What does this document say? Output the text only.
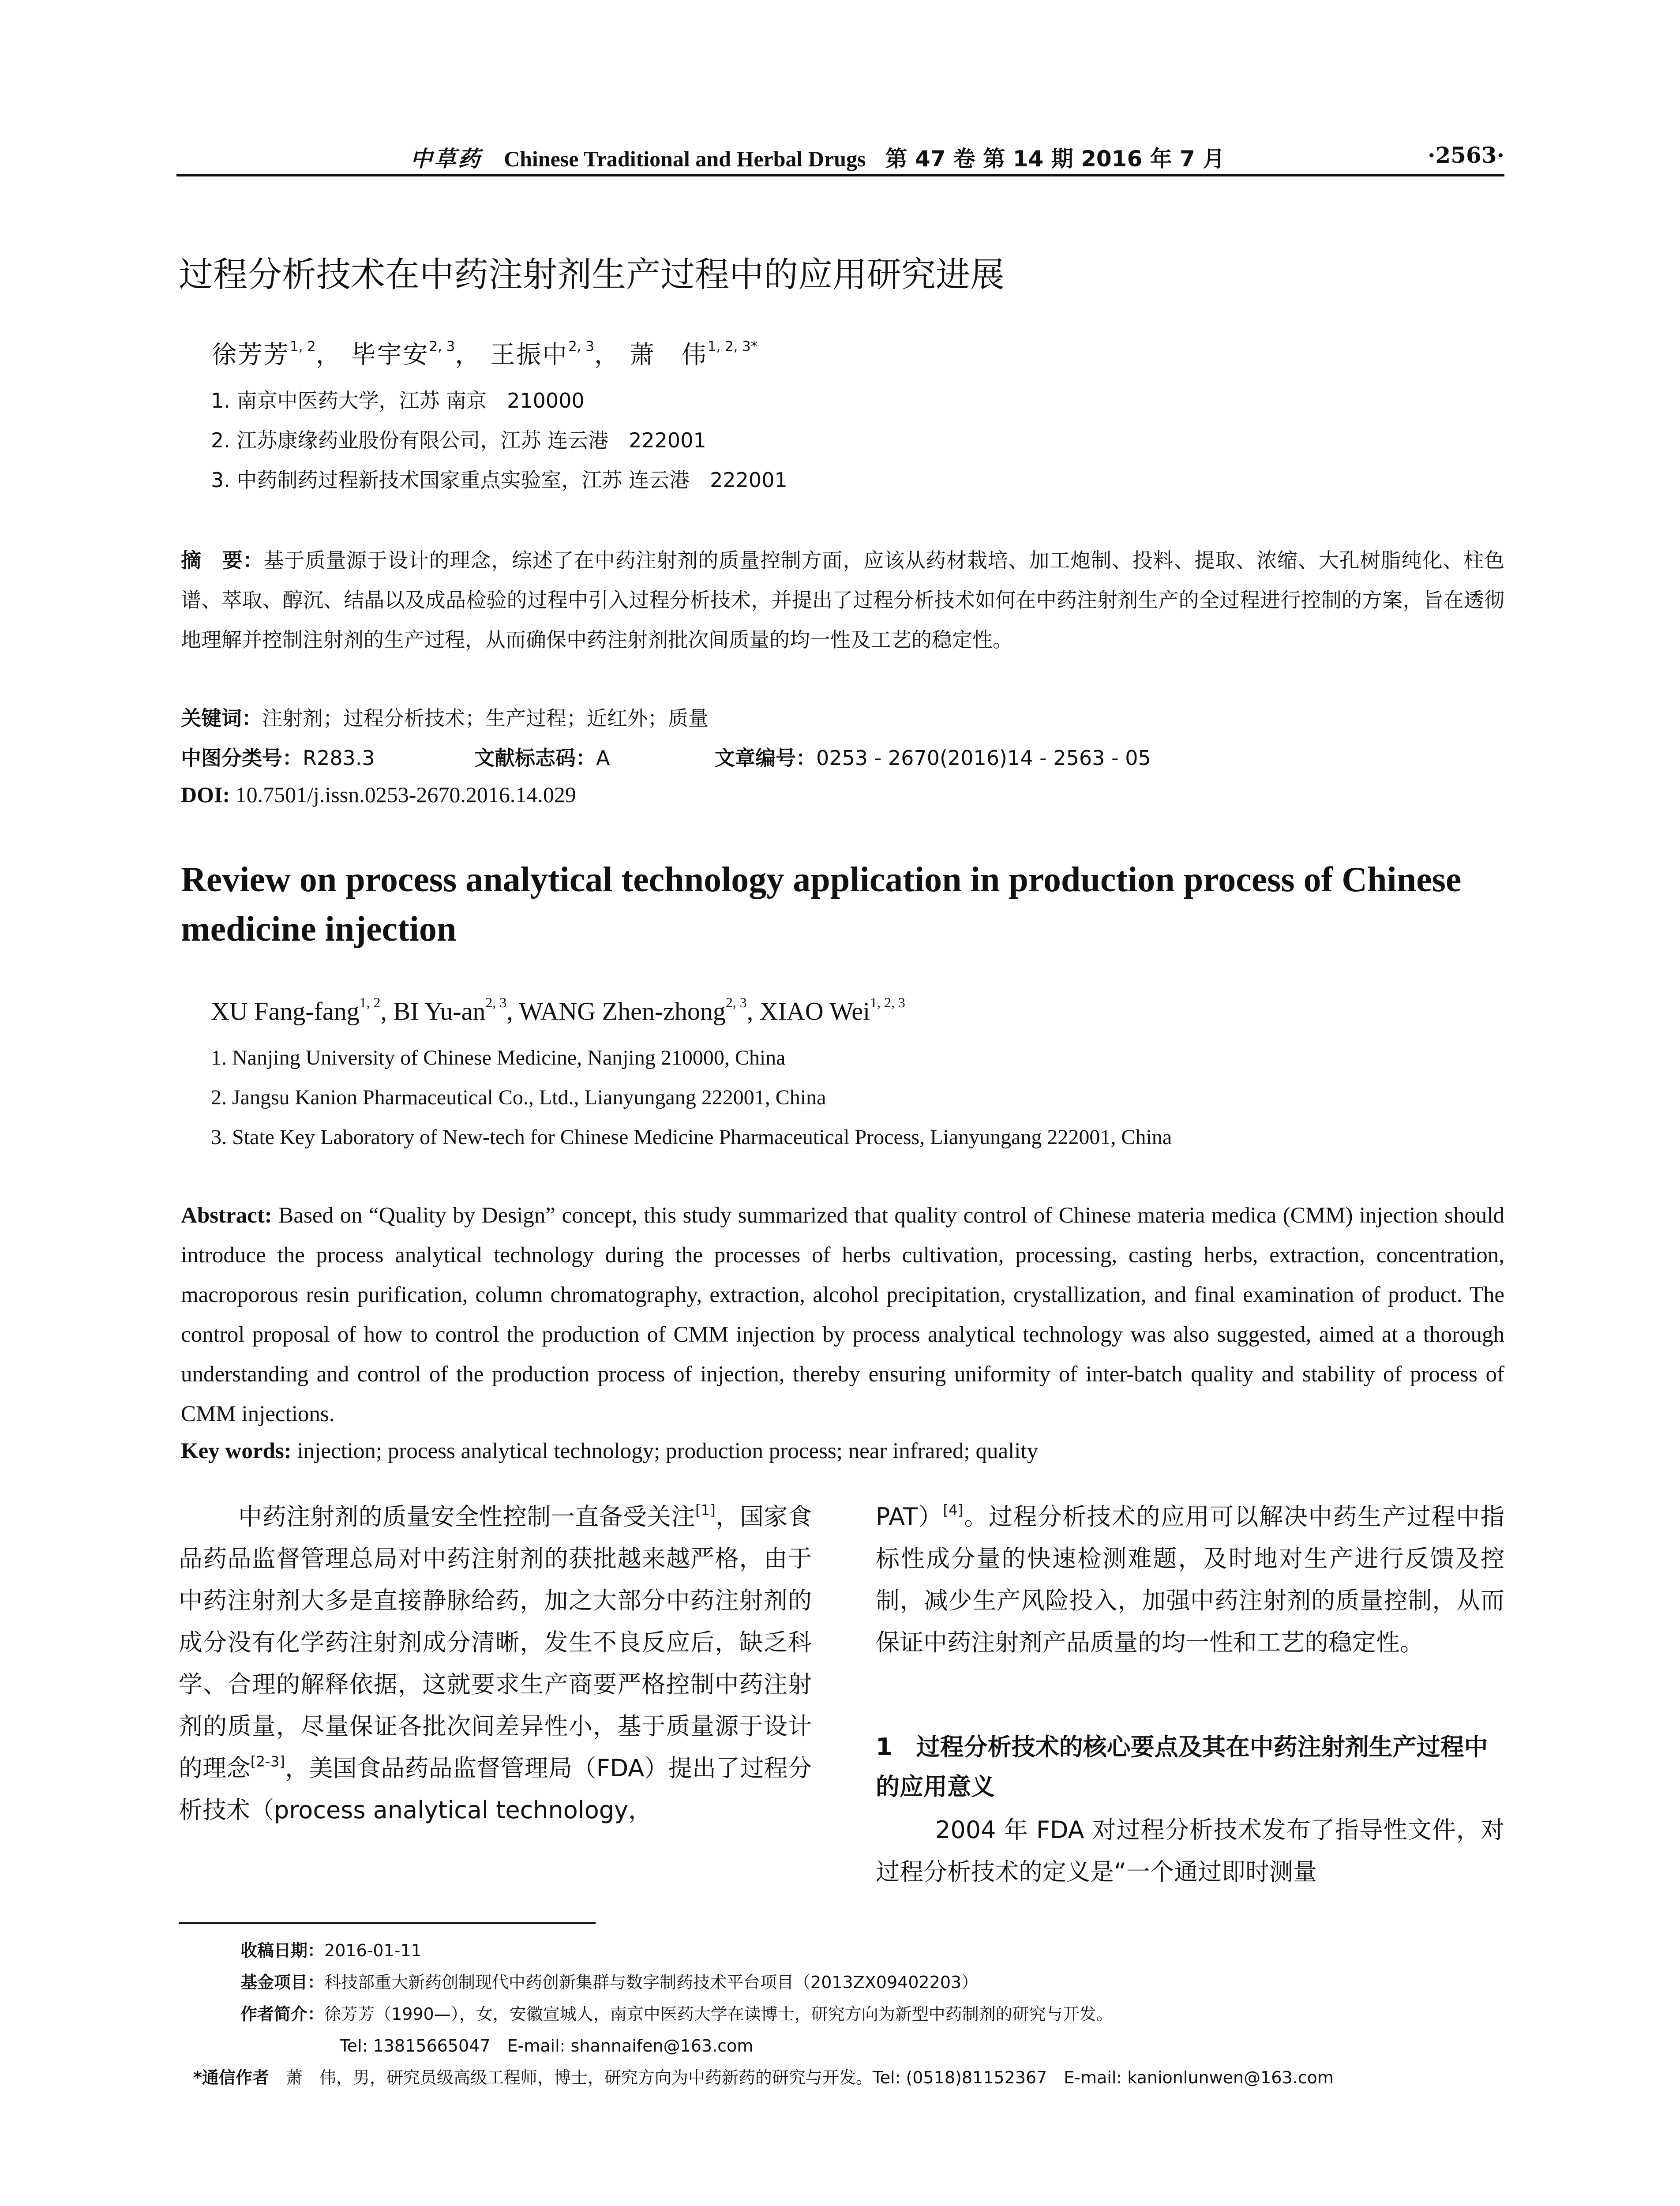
中草药 Chinese Traditional and Herbal Drugs 第 47 卷 第 14 期 2016 年 7 月	·2563·
过程分析技术在中药注射剂生产过程中的应用研究进展
徐芳芳$^{1, 2}$， 毕宇安$^{2, 3}$， 王振中$^{2, 3}$， 萧　伟$^{1, 2, 3*}$
1. 南京中医药大学，江苏 南京　210000
2. 江苏康缘药业股份有限公司，江苏 连云港　222001
3. 中药制药过程新技术国家重点实验室，江苏 连云港　222001
摘　要：基于质量源于设计的理念，综述了在中药注射剂的质量控制方面，应该从药材栽培、加工炮制、投料、提取、浓缩、大孔树脂纯化、柱色谱、萃取、醇沉、结晶以及成品检验的过程中引入过程分析技术，并提出了过程分析技术如何在中药注射剂生产的全过程进行控制的方案，旨在透彻地理解并控制注射剂的生产过程，从而确保中药注射剂批次间质量的均一性及工艺的稳定性。
关键词：注射剂；过程分析技术；生产过程；近红外；质量
中图分类号：R283.3	文献标志码：A	文章编号：0253 - 2670(2016)14 - 2563 - 05
DOI: 10.7501/j.issn.0253-2670.2016.14.029
Review on process analytical technology application in production process of Chinese medicine injection
XU Fang-fang$^{1, 2}$, BI Yu-an$^{2, 3}$, WANG Zhen-zhong$^{2, 3}$, XIAO Wei$^{1, 2, 3}$
1. Nanjing University of Chinese Medicine, Nanjing 210000, China
2. Jangsu Kanion Pharmaceutical Co., Ltd., Lianyungang 222001, China
3. State Key Laboratory of New-tech for Chinese Medicine Pharmaceutical Process, Lianyungang 222001, China
Abstract: Based on “Quality by Design” concept, this study summarized that quality control of Chinese materia medica (CMM) injection should introduce the process analytical technology during the processes of herbs cultivation, processing, casting herbs, extraction, concentration, macroporous resin purification, column chromatography, extraction, alcohol precipitation, crystallization, and final examination of product. The control proposal of how to control the production of CMM injection by process analytical technology was also suggested, aimed at a thorough understanding and control of the production process of injection, thereby ensuring uniformity of inter-batch quality and stability of process of CMM injections.
Key words: injection; process analytical technology; production process; near infrared; quality
中药注射剂的质量安全性控制一直备受关注[1]，国家食品药品监督管理总局对中药注射剂的获批越来越严格，由于中药注射剂大多是直接静脉给药，加之大部分中药注射剂的成分没有化学药注射剂成分清晰，发生不良反应后，缺乏科学、合理的解释依据，这就要求生产商要严格控制中药注射剂的质量，尽量保证各批次间差异性小，基于质量源于设计的理念[2-3]，美国食品药品监督管理局（FDA）提出了过程分析技术（process analytical technology，
PAT）[4]。过程分析技术的应用可以解决中药生产过程中指标性成分量的快速检测难题，及时地对生产进行反馈及控制，减少生产风险投入，加强中药注射剂的质量控制，从而保证中药注射剂产品质量的均一性和工艺的稳定性。
1　过程分析技术的核心要点及其在中药注射剂生产过程中的应用意义
2004 年 FDA 对过程分析技术发布了指导性文件，对过程分析技术的定义是“一个通过即时测量
收稿日期：2016-01-11
基金项目：科技部重大新药创制现代中药创新集群与数字制药技术平台项目（2013ZX09402203）
作者简介：徐芳芳（1990—），女，安徽宣城人，南京中医药大学在读博士，研究方向为新型中药制剂的研究与开发。
Tel: 13815665047　E-mail: shannaifen@163.com
*通信作者　 萧　伟，男，研究员级高级工程师，博士，研究方向为中药新药的研究与开发。Tel: (0518)81152367　E-mail: kanionlunwen@163.com
